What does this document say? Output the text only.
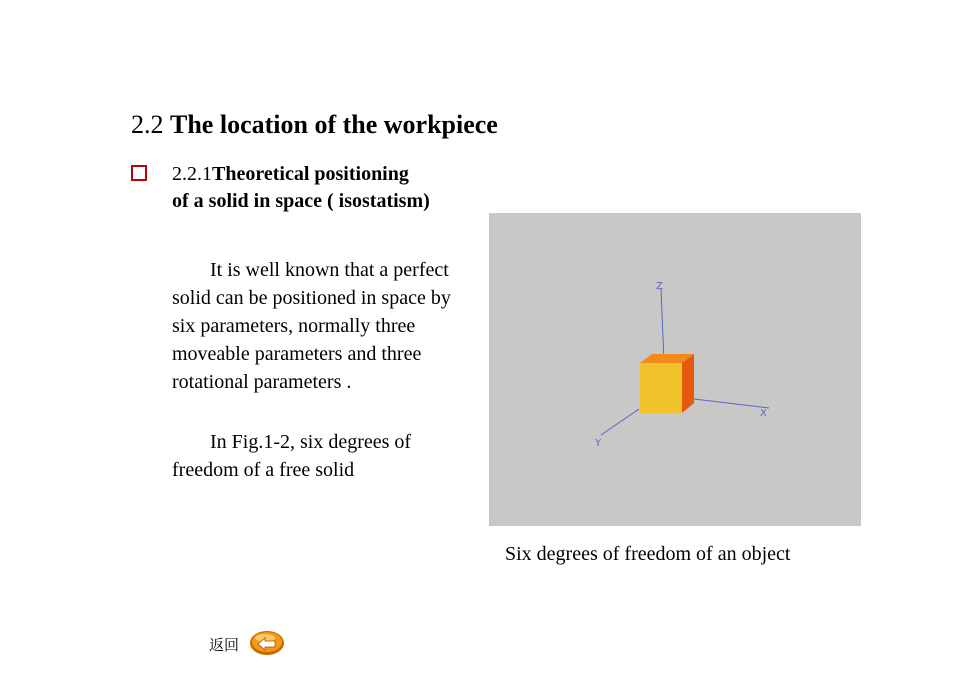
2.2 The location of the workpiece
2.2.1Theoretical positioning
of a solid in space ( isostatism)
It is well known that a perfect solid can be positioned in space by six parameters, normally three moveable parameters and three rotational parameters .
In Fig.1-2, six degrees of freedom of a free solid
Z
X
Y
Six degrees of freedom of an object
返回
